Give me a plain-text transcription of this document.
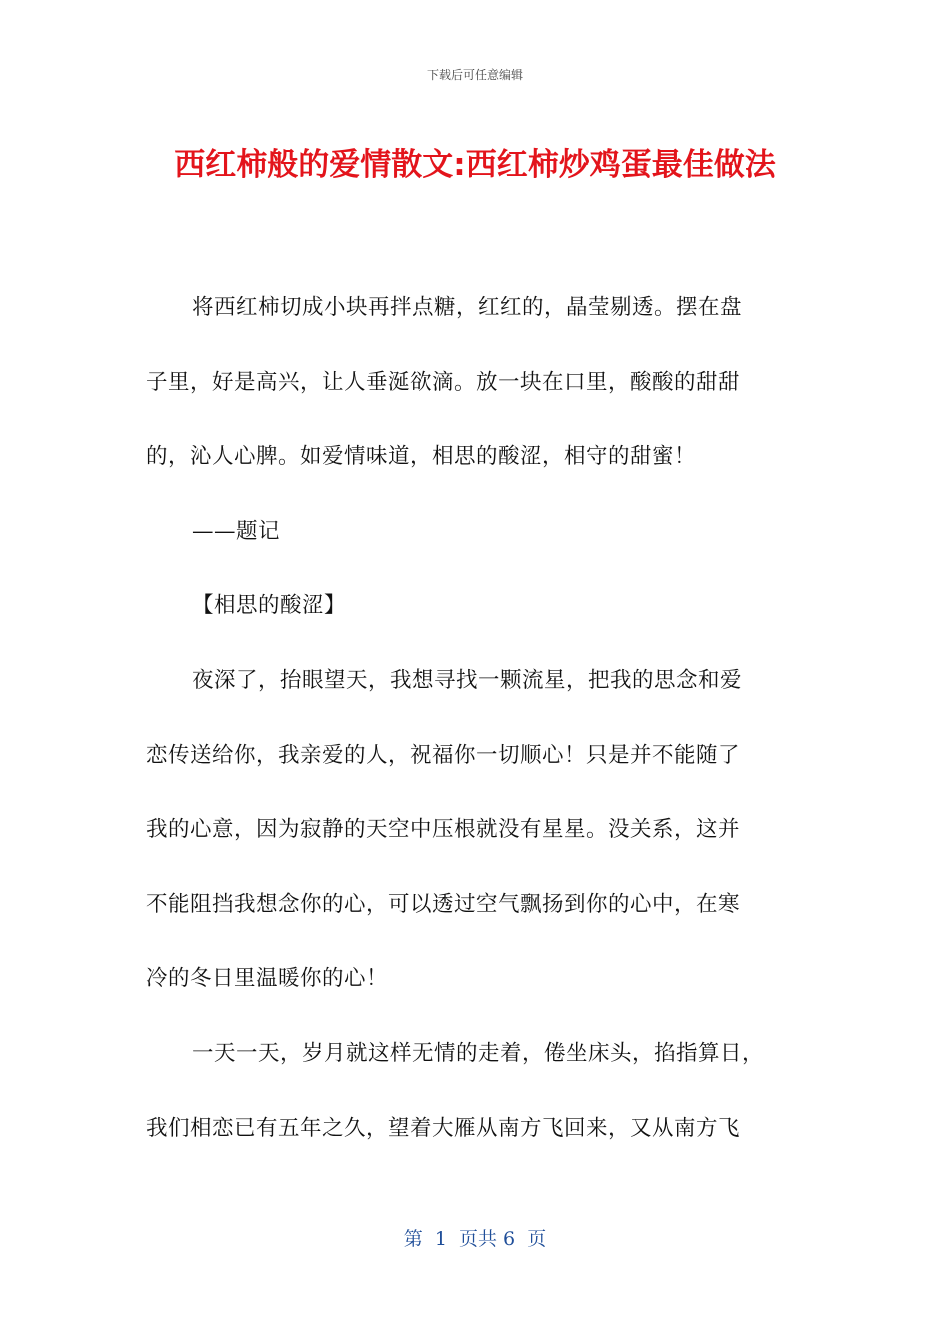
下载后可任意编辑
西红柿般的爱情散文:西红柿炒鸡蛋最佳做法
将西红柿切成小块再拌点糖，红红的，晶莹剔透。摆在盘
子里，好是高兴，让人垂涎欲滴。放一块在口里，酸酸的甜甜
的，沁人心脾。如爱情味道，相思的酸涩，相守的甜蜜！
——题记
【相思的酸涩】
夜深了，抬眼望天，我想寻找一颗流星，把我的思念和爱
恋传送给你，我亲爱的人，祝福你一切顺心！只是并不能随了
我的心意，因为寂静的天空中压根就没有星星。没关系，这并
不能阻挡我想念你的心，可以透过空气飘扬到你的心中，在寒
冷的冬日里温暖你的心！
一天一天，岁月就这样无情的走着，倦坐床头，掐指算日，
我们相恋已有五年之久，望着大雁从南方飞回来，又从南方飞
第  1  页共 6  页
